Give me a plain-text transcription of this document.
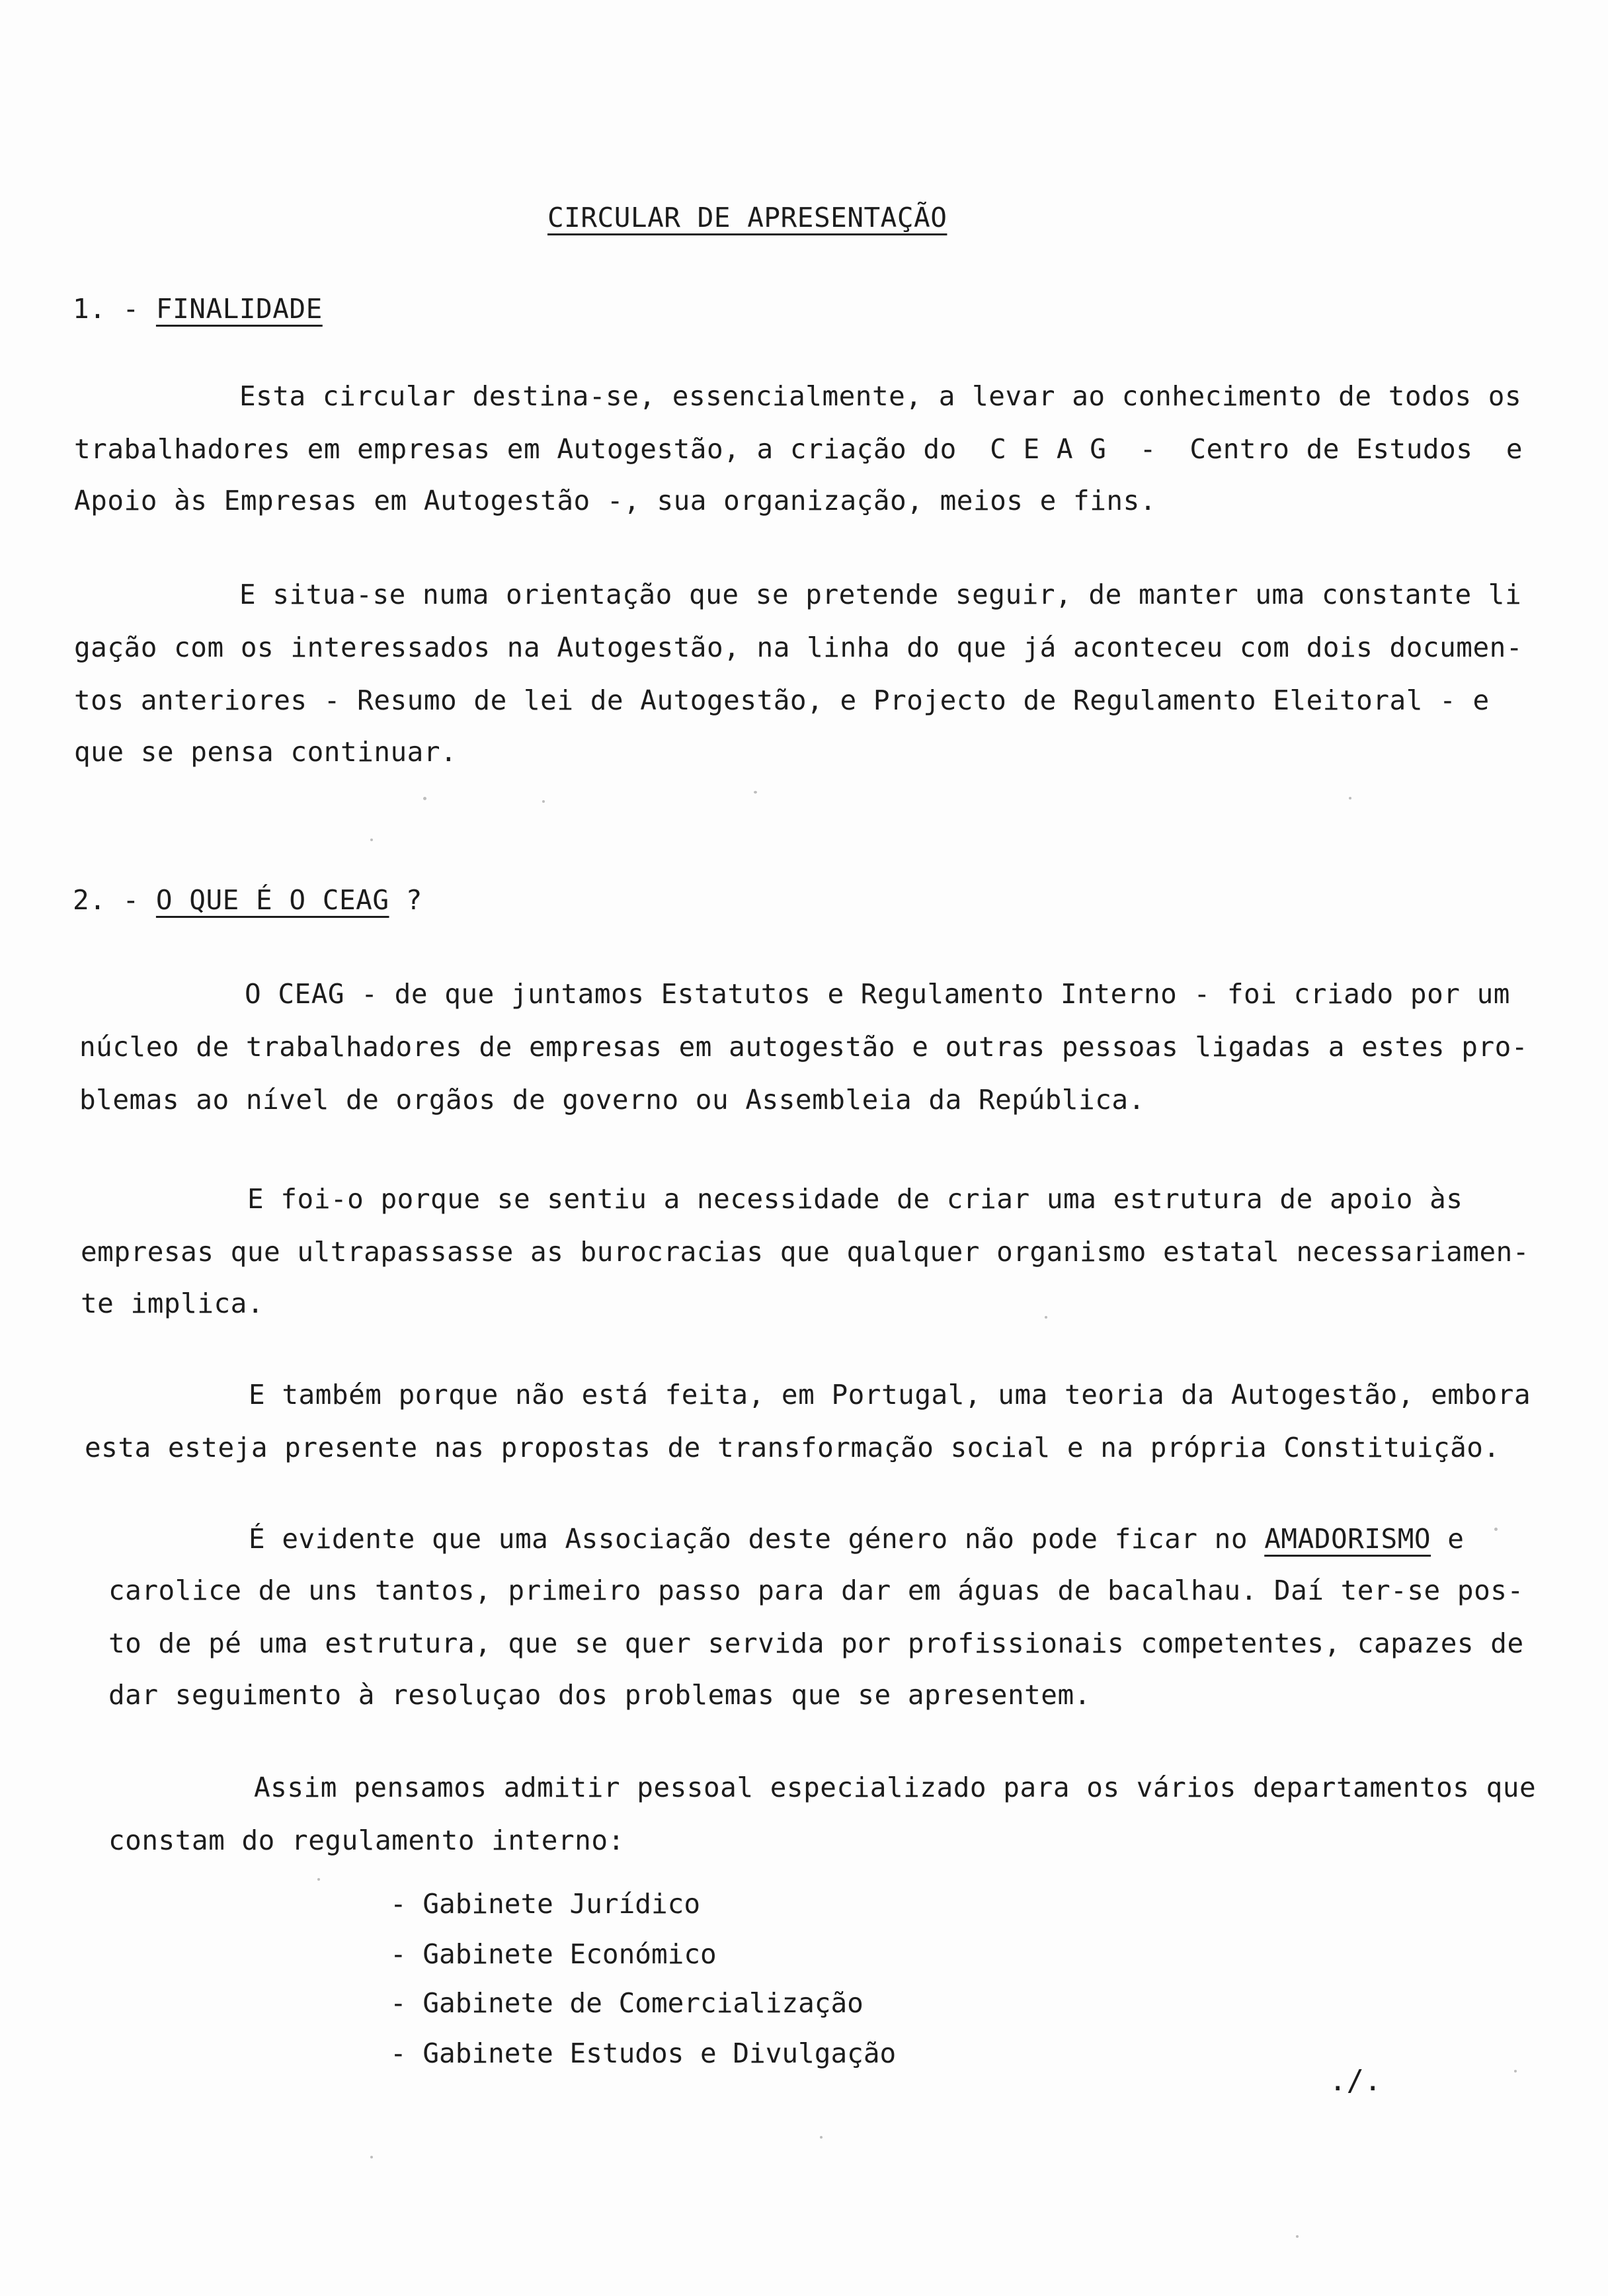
CIRCULAR DE APRESENTAÇÃO
1. - FINALIDADE
Esta circular destina-se, essencialmente, a levar ao conhecimento de todos os
trabalhadores em empresas em Autogestão, a criação do  C E A G  -  Centro de Estudos  e
Apoio às Empresas em Autogestão -, sua organização, meios e fins.
E situa-se numa orientação que se pretende seguir, de manter uma constante li
gação com os interessados na Autogestão, na linha do que já aconteceu com dois documen-
tos anteriores - Resumo de lei de Autogestão, e Projecto de Regulamento Eleitoral - e
que se pensa continuar.
2. - O QUE É O CEAG ?
O CEAG - de que juntamos Estatutos e Regulamento Interno - foi criado por um
núcleo de trabalhadores de empresas em autogestão e outras pessoas ligadas a estes pro-
blemas ao nível de orgãos de governo ou Assembleia da República.
E foi-o porque se sentiu a necessidade de criar uma estrutura de apoio às
empresas que ultrapassasse as burocracias que qualquer organismo estatal necessariamen-
te implica.
E também porque não está feita, em Portugal, uma teoria da Autogestão, embora
esta esteja presente nas propostas de transformação social e na própria Constituição.
É evidente que uma Associação deste género não pode ficar no AMADORISMO e
carolice de uns tantos, primeiro passo para dar em águas de bacalhau. Daí ter-se pos-
to de pé uma estrutura, que se quer servida por profissionais competentes, capazes de
dar seguimento à resoluçao dos problemas que se apresentem.
Assim pensamos admitir pessoal especializado para os vários departamentos que
constam do regulamento interno:
- Gabinete Jurídico
- Gabinete Económico
- Gabinete de Comercialização
- Gabinete Estudos e Divulgação
./.
